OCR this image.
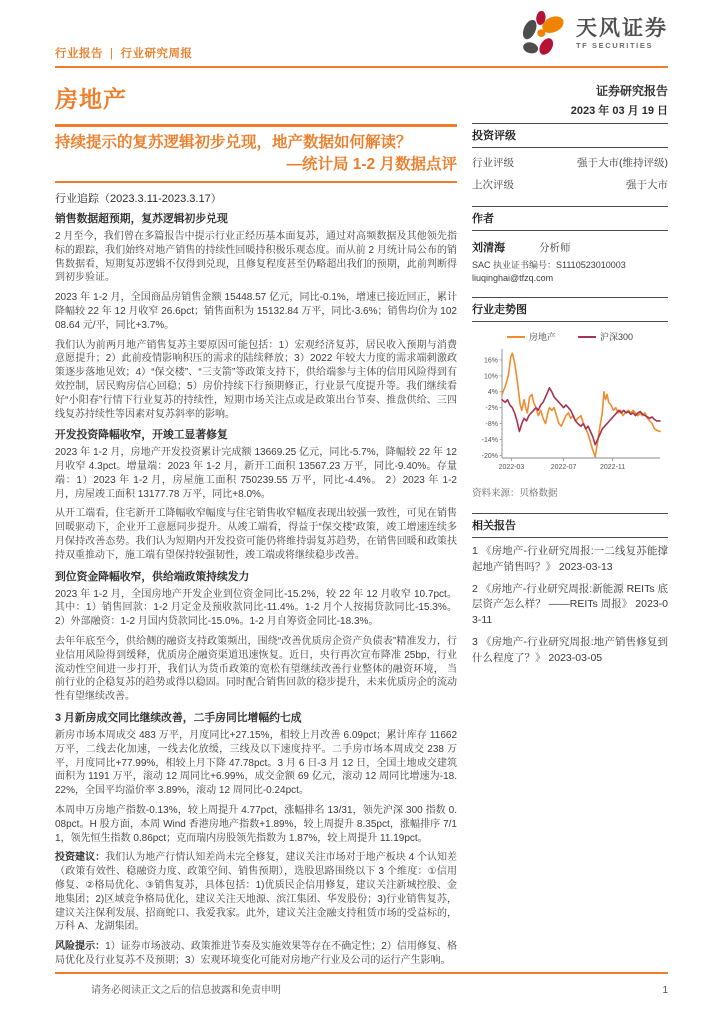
行业报告 | 行业研究周报
天风证券
TF SECURITIES
房地产
持续提示的复苏逻辑初步兑现，地产数据如何解读？
—统计局 1-2 月数据点评
行业追踪（2023.3.11-2023.3.17）
销售数据超预期，复苏逻辑初步兑现

2 月至今，我们曾在多篇报告中提示行业正经历基本面复苏，通过对高频数据及其他领先指标的跟踪，我们始终对地产销售的持续性回暖持积极乐观态度。而从前 2 月统计局公布的销售数据看，短期复苏逻辑不仅得到兑现，且修复程度甚至仍略超出我们的预期，此前判断得到初步验证。

2023 年 1-2 月，全国商品房销售金额 15448.57 亿元，同比-0.1%，增速已接近回正，累计降幅较 22 年 12 月收窄 26.6pct；销售面积为 15132.84 万平，同比-3.6%；销售均价为 10208.64 元/平，同比+3.7%。

我们认为前两月地产销售复苏主要原因可能包括：1）宏观经济复苏，居民收入预期与消费意愿提升；2）此前疫情影响积压的需求的陆续释放；3）2022 年较大力度的需求端刺激政策逐步落地见效；4）“保交楼”、“三支箭”等政策支持下，供给端参与主体的信用风险得到有效控制，居民购房信心回稳；5）房价持续下行预期修正，行业景气度提升等。我们继续看好“小阳春”行情下行业复苏的持续性，短期市场关注点或是政策出台节奏、推盘供给、三四线复苏持续性等因素对复苏斜率的影响。

开发投资降幅收窄，开竣工显著修复

2023 年 1-2 月，房地产开发投资累计完成额 13669.25 亿元，同比-5.7%，降幅较 22 年 12 月收窄 4.3pct。增量端：2023 年 1-2 月，新开工面积 13567.23 万平，同比-9.40%。存量端：1）2023 年 1-2 月，房屋施工面积 750239.55 万平，同比-4.4%。 2）2023 年 1-2 月，房屋竣工面积 13177.78 万平，同比+8.0%。

从开工端看，住宅新开工降幅收窄幅度与住宅销售收窄幅度表现出较强一致性，可见在销售回暖驱动下，企业开工意愿同步提升。从竣工端看，得益于“保交楼”政策，竣工增速连续多月保持改善态势。我们认为短期内开发投资可能仍将维持弱复苏趋势，在销售回暖和政策扶持双重推动下，施工端有望保持较强韧性，竣工端或将继续稳步改善。

到位资金降幅收窄，供给端政策持续发力

2023 年 1-2 月，全国房地产开发企业到位资金同比-15.2%，较 22 年 12 月收窄 10.7pct。其中：1）销售回款：1-2 月定金及预收款同比-11.4%。1-2 月个人按揭贷款同比-15.3%。2）外部融资：1-2 月国内贷款同比-15.0%。1-2 月自筹资金同比-18.3%。

去年年底至今，供给侧的融资支持政策频出，围绕“改善优质房企资产负债表”精准发力，行业信用风险得到缓释，优质房企融资渠道迅速恢复。近日，央行再次宣布降准 25bp，行业流动性空间进一步打开，我们认为货币政策的宽松有望继续改善行业整体的融资环境， 当前行业的企稳复苏的趋势或得以稳固。同时配合销售回款的稳步提升，未来优质房企的流动性有望继续改善。

3 月新房成交同比继续改善，二手房同比增幅约七成

新房市场本周成交 483 万平，月度同比+27.15%，相较上月改善 6.09pct；累计库存 11662 万平，二线去化加速，一线去化放缓，三线及以下速度持平。二手房市场本周成交 238 万平，月度同比+77.99%，相较上月下降 47.78pct。3 月 6 日-3 月 12 日，全国土地成交建筑面积为 1191 万平，滚动 12 周同比+6.99%，成交金额 69 亿元，滚动 12 周同比增速为-18.22%，全国平均溢价率 3.89%，滚动 12 周同比-0.24pct。

本周申万房地产指数-0.13%，较上周提升 4.77pct，涨幅排名 13/31，领先沪深 300 指数 0.08pct。H 股方面，本周 Wind 香港房地产指数+1.89%，较上周提升 8.35pct，涨幅排序 7/11，领先恒生指数 0.86pct；克而瑞内房股领先指数为 1.87%，较上周提升 11.19pct。

投资建议：我们认为地产行情认知差尚未完全修复，建议关注市场对于地产板块 4 个认知差（政策有效性、稳融资力度、政策空间、销售预期），选股思路围绕以下 3 个维度：①信用修复、②格局优化、③销售复苏，具体包括：1)优质民企信用修复，建议关注新城控股、金地集团；2)区域竞争格局优化，建议关注天地源、滨江集团、华发股份；3)行业销售复苏，建议关注保利发展、招商蛇口、我爱我家。此外，建议关注金融支持租赁市场的受益标的，万科 A、龙湖集团。

风险提示：1）证券市场波动、政策推进节奏及实施效果等存在不确定性；2）信用修复、格局优化及行业复苏不及预期；3）宏观环境变化可能对房地产行业及公司的运行产生影响。

证券研究报告
2023 年 03 月 19 日
投资评级
行业评级	强于大市(维持评级)
上次评级	强于大市
作者
刘清海	分析师
SAC 执业证书编号：S1110523010003
liuqinghai@tfzq.com
行业走势图
房地产	沪深300
16%
10%
4%
-2%
-8%
-14%
-20%
2022-03	2022-07	2022-11
资料来源：贝格数据
相关报告
1 《房地产-行业研究周报:一二线复苏能撑起地产销售吗？》 2023-03-13
2 《房地产-行业研究周报:新能源 REITs 底层资产怎么样？ ——REITs 周报》 2023-03-11
3 《房地产-行业研究周报:地产销售修复到什么程度了？》 2023-03-05
请务必阅读正文之后的信息披露和免责申明	1
